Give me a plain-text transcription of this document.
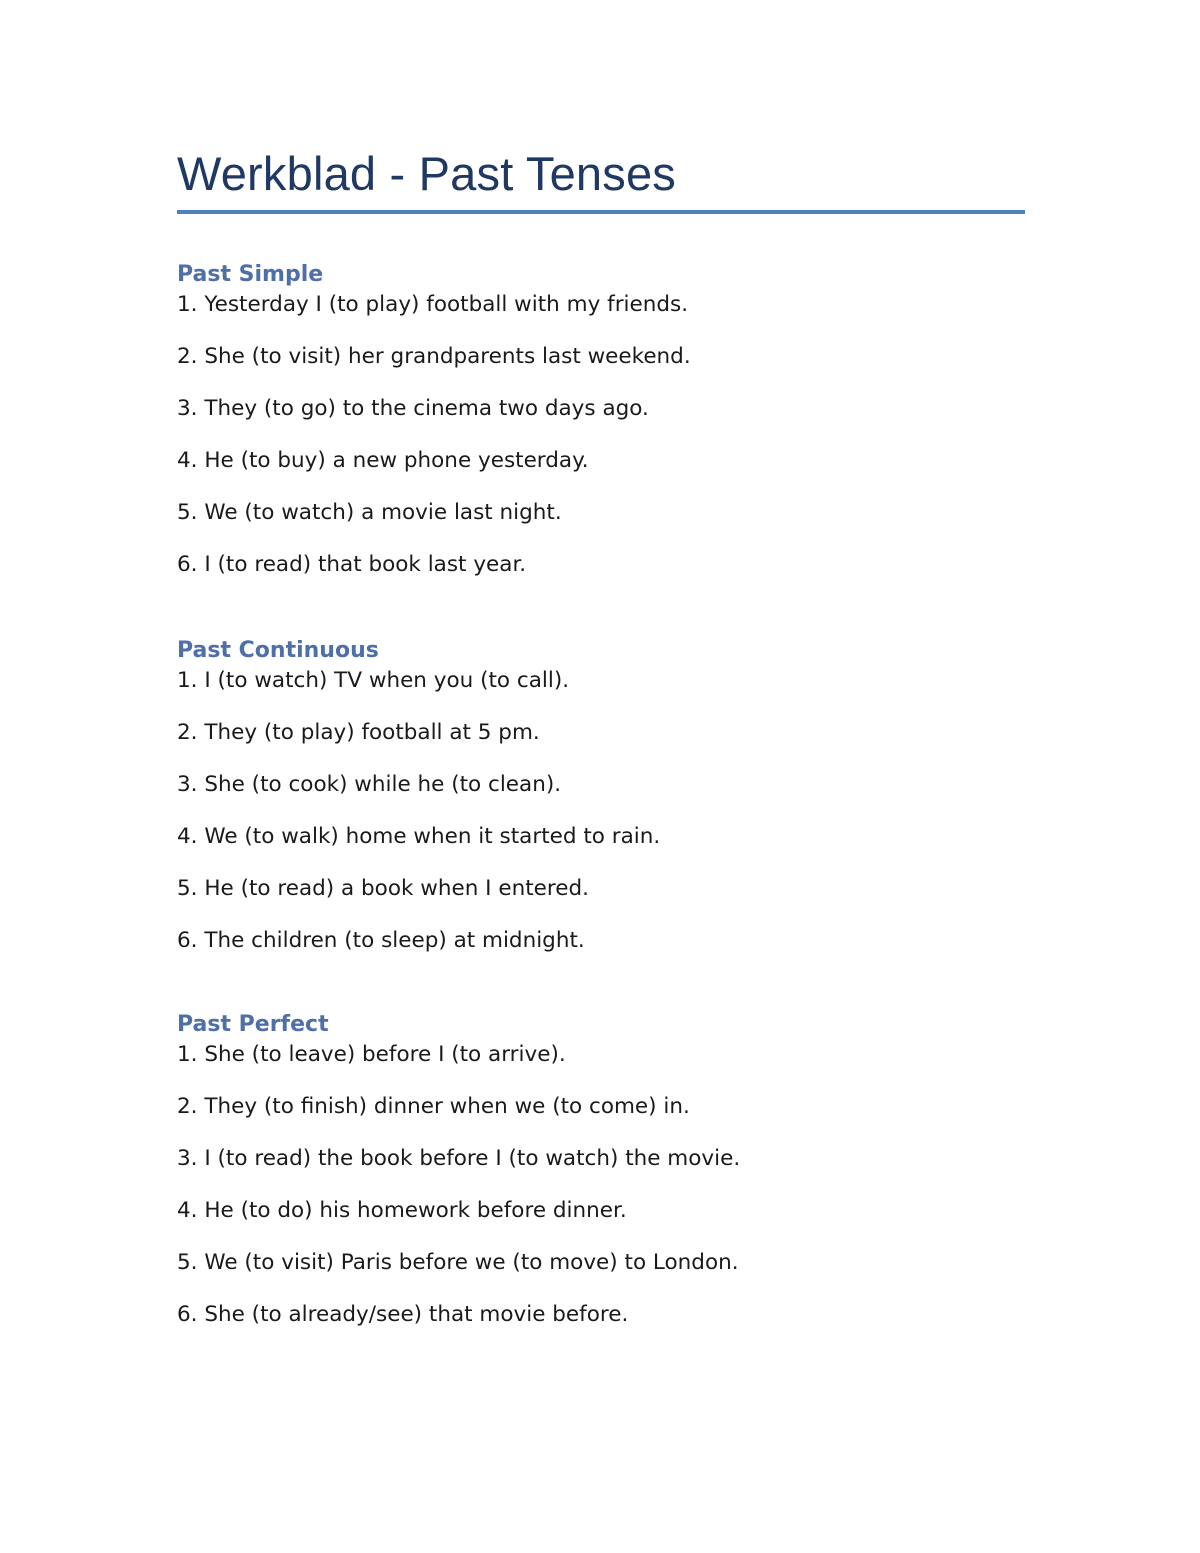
Werkblad - Past Tenses
Past Simple
1. Yesterday I (to play) football with my friends.
2. She (to visit) her grandparents last weekend.
3. They (to go) to the cinema two days ago.
4. He (to buy) a new phone yesterday.
5. We (to watch) a movie last night.
6. I (to read) that book last year.
Past Continuous
1. I (to watch) TV when you (to call).
2. They (to play) football at 5 pm.
3. She (to cook) while he (to clean).
4. We (to walk) home when it started to rain.
5. He (to read) a book when I entered.
6. The children (to sleep) at midnight.
Past Perfect
1. She (to leave) before I (to arrive).
2. They (to finish) dinner when we (to come) in.
3. I (to read) the book before I (to watch) the movie.
4. He (to do) his homework before dinner.
5. We (to visit) Paris before we (to move) to London.
6. She (to already/see) that movie before.
